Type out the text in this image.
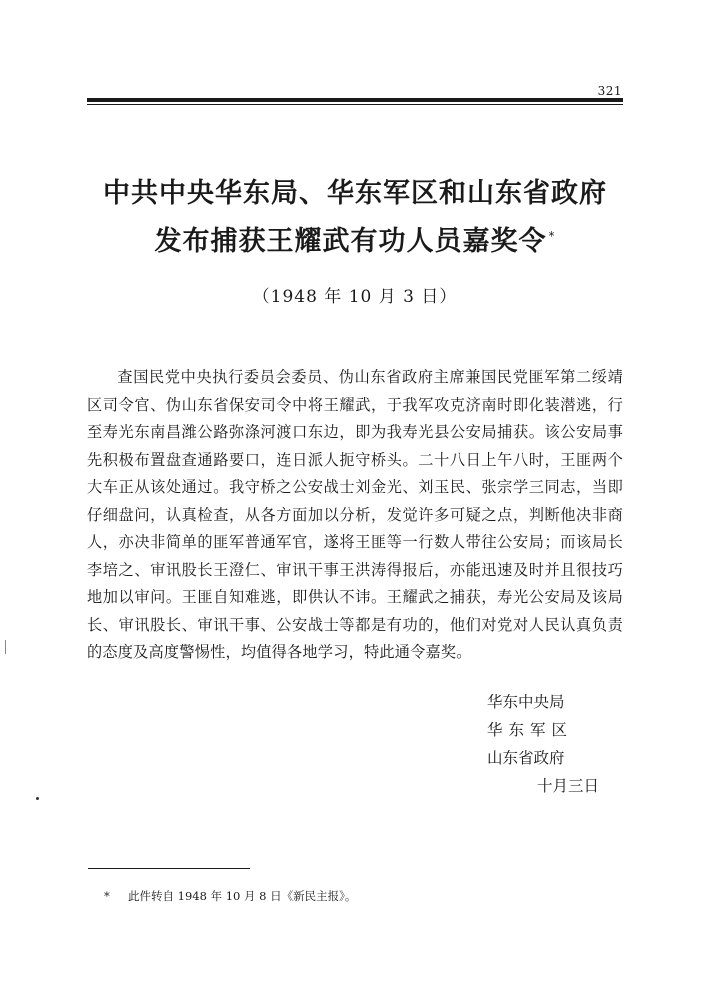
321
中共中央华东局、华东军区和山东省政府
发布捕获王耀武有功人员嘉奖令 *
（1948 年 10 月 3 日）

查国民党中央执行委员会委员、伪山东省政府主席兼国民党匪军第二绥靖区司令官、伪山东省保安司令中将王耀武，于我军攻克济南时即化装潜逃，行至寿光东南昌潍公路弥涤河渡口东边，即为我寿光县公安局捕获。该公安局事先积极布置盘查通路要口，连日派人扼守桥头。二十八日上午八时，王匪两个大车正从该处通过。我守桥之公安战士刘金光、刘玉民、张宗学三同志，当即仔细盘问，认真检查，从各方面加以分析，发觉许多可疑之点，判断他决非商人，亦决非简单的匪军普通军官，遂将王匪等一行数人带往公安局；而该局长李培之、审讯股长王澄仁、审讯干事王洪涛得报后，亦能迅速及时并且很技巧地加以审问。王匪自知难逃，即供认不讳。王耀武之捕获，寿光公安局及该局长、审讯股长、审讯干事、公安战士等都是有功的，他们对党对人民认真负责的态度及高度警惕性，均值得各地学习，特此通令嘉奖。

华东中央局
华东军区
山东省政府
十月三日
* 此件转自 1948 年 10 月 8 日《新民主报》。
